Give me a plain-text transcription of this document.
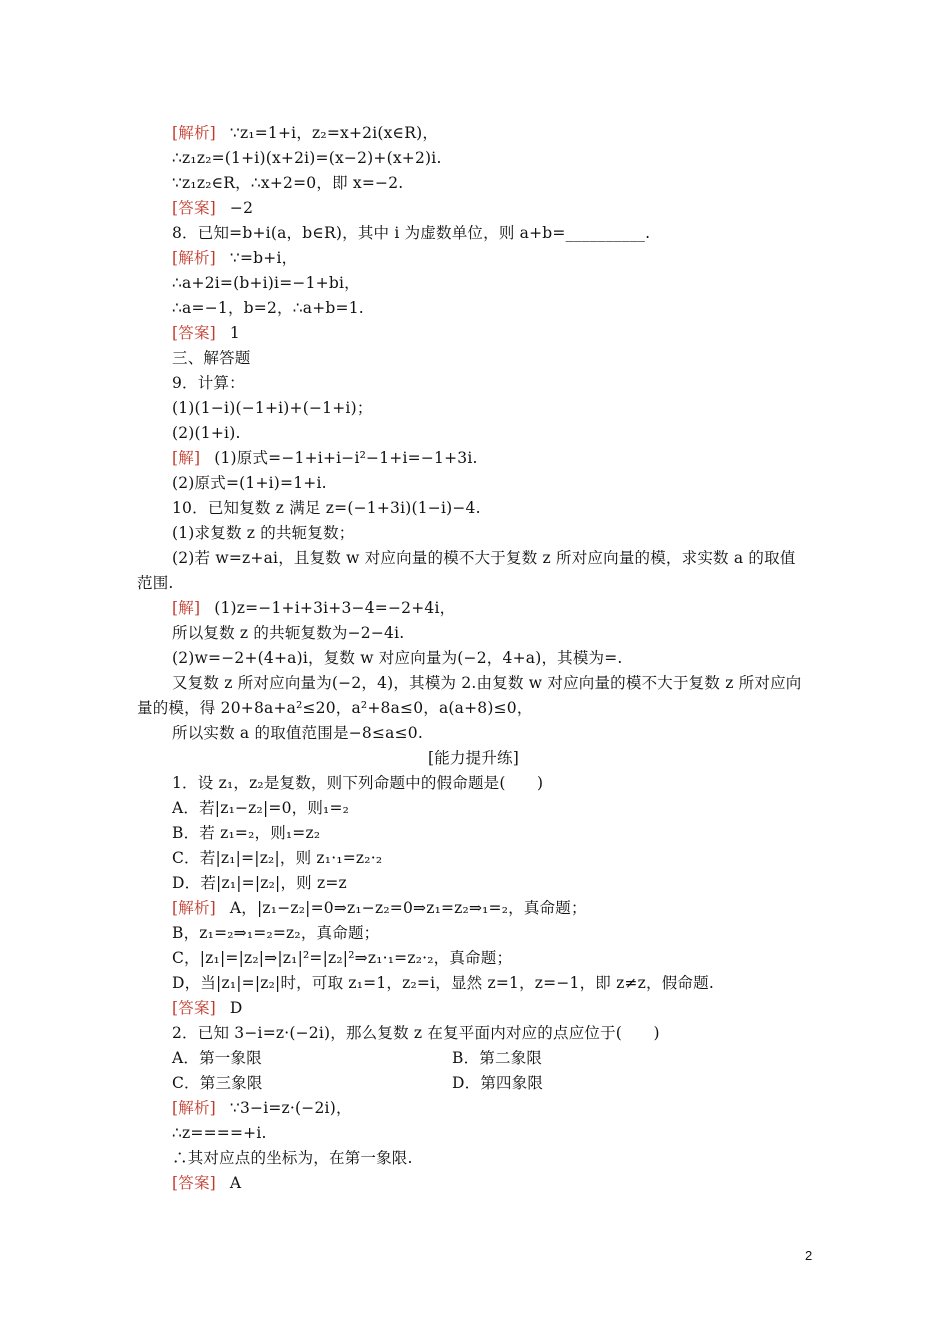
[解析] ∵z₁=1+i，z₂=x+2i(x∈R)，
∴z₁z₂=(1+i)(x+2i)=(x−2)+(x+2)i.
∵z₁z₂∈R，∴x+2=0，即 x=−2.
[答案] −2
8．已知=b+i(a，b∈R)，其中 i 为虚数单位，则 a+b=__________.
[解析] ∵=b+i，
∴a+2i=(b+i)i=−1+bi，
∴a=−1，b=2，∴a+b=1.
[答案] 1
三、解答题
9．计算：
(1)(1−i)(−1+i)+(−1+i)；
(2)(1+i).
[解] (1)原式=−1+i+i−i²−1+i=−1+3i.
(2)原式=(1+i)=1+i.
10．已知复数 z 满足 z=(−1+3i)(1−i)−4.
(1)求复数 z 的共轭复数；
(2)若 w=z+ai，且复数 w 对应向量的模不大于复数 z 所对应向量的模，求实数 a 的取值
范围.
[解] (1)z=−1+i+3i+3−4=−2+4i，
所以复数 z 的共轭复数为−2−4i.
(2)w=−2+(4+a)i，复数 w 对应向量为(−2，4+a)，其模为=.
又复数 z 所对应向量为(−2，4)，其模为 2.由复数 w 对应向量的模不大于复数 z 所对应向
量的模，得 20+8a+a²≤20，a²+8a≤0，a(a+8)≤0，
所以实数 a 的取值范围是−8≤a≤0.
[能力提升练]
1．设 z₁，z₂是复数，则下列命题中的假命题是(　　)
A．若|z₁−z₂|=0，则₁=₂
B．若 z₁=₂，则₁=z₂
C．若|z₁|=|z₂|，则 z₁·₁=z₂·₂
D．若|z₁|=|z₂|，则 z=z
[解析] A，|z₁−z₂|=0⇒z₁−z₂=0⇒z₁=z₂⇒₁=₂，真命题；
B，z₁=₂⇒₁=₂=z₂，真命题；
C，|z₁|=|z₂|⇒|z₁|²=|z₂|²⇒z₁·₁=z₂·₂，真命题；
D，当|z₁|=|z₂|时，可取 z₁=1，z₂=i，显然 z=1，z=−1，即 z≠z，假命题.
[答案] D
2．已知 3−i=z·(−2i)，那么复数 z 在复平面内对应的点应位于(　　)
A．第一象限	B．第二象限
C．第三象限	D．第四象限
[解析] ∵3−i=z·(−2i)，
∴z====+i.
∴其对应点的坐标为，在第一象限.
[答案] A
2
